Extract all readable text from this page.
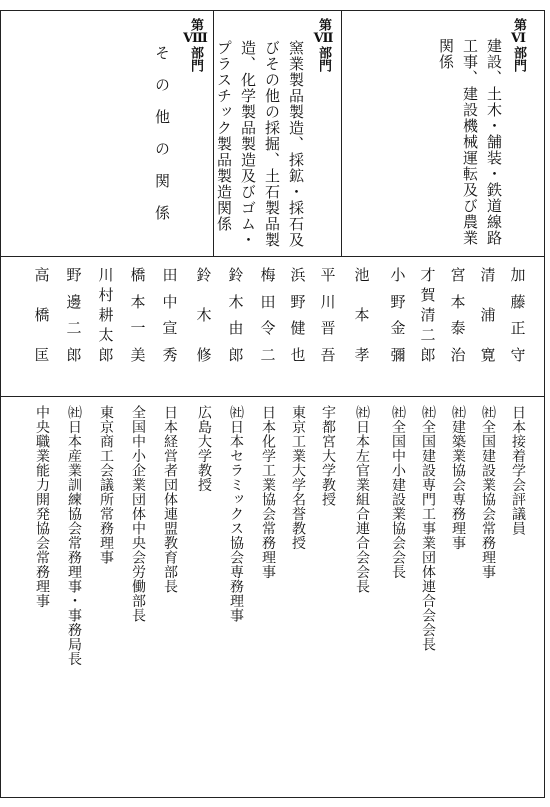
第Ⅵ部門
建設、土木・舗装・鉄道線路
工事、建設機械運転及び農業
関係
第Ⅶ部門
窯業製品製造、採鉱・採石及
びその他の採掘、土石製品製
造、化学製品製造及びゴム・
プラスチック製品製造関係
第Ⅷ部門
そ　の　他　の　関　係
加
藤
正
守
清
浦
寛
宮
本
泰
治
才
賀
清
二
郎
小
野
金
彌
池
本
孝
平
川
晋
吾
浜
野
健
也
梅
田
令
二
鈴
木
由
郎
鈴
木
修
田
中
宣
秀
橋
本
一
美
川
村
耕
太
郎
野
邊
二
郎
高
橋
匡
日本接着学会評議員
㈳全国建設業協会常務理事
㈳建築業協会専務理事
㈳全国建設専門工事業団体連合会会長
㈳全国中小建設業協会会長
㈳日本左官業組合連合会会長
宇都宮大学教授
東京工業大学名誉教授
日本化学工業協会常務理事
㈳日本セラミックス協会専務理事
広島大学教授
日本経営者団体連盟教育部長
全国中小企業団体中央会労働部長
東京商工会議所常務理事
㈳日本産業訓練協会常務理事・事務局長
中央職業能力開発協会常務理事
